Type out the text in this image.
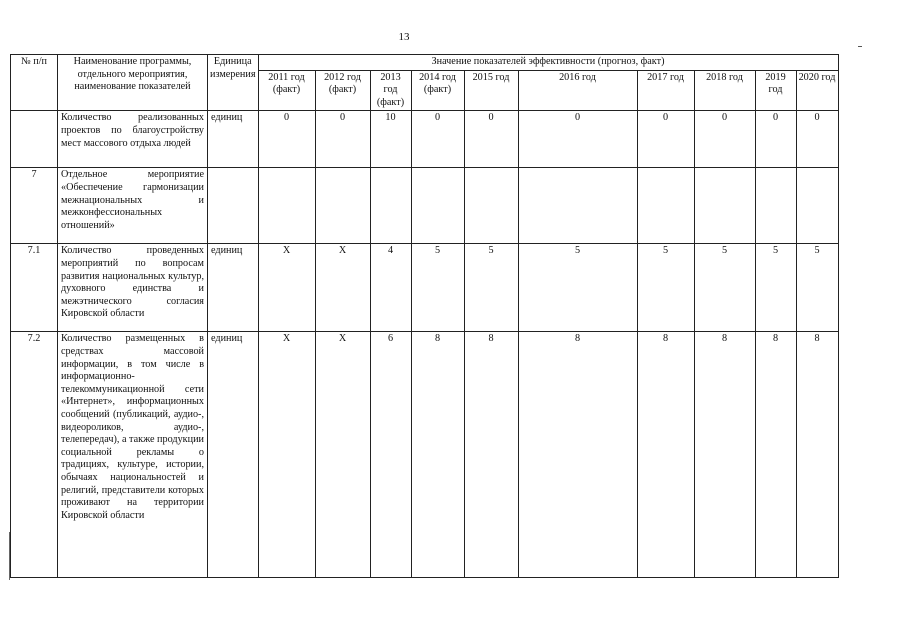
13
№ п/п	Наименование программы, отдельного мероприятия, наименование показателей	Единица измерения	Значение показателей эффективности (прогноз, факт)									
			2011 год (факт)	2012 год (факт)	2013 год (факт)	2014 год (факт)	2015 год	2016 год	2017 год	2018 год	2019 год	2020 год
	Количество реализованных проектов по благоустройству мест массового отдыха людей	единиц	0	0	10	0	0	0	0	0	0	0
7	Отдельное мероприятие «Обеспечение гармонизации межнациональных и межконфессиональных отношений»											
7.1	Количество проведенных мероприятий по вопросам развития национальных культур, духовного единства и межэтнического согласия Кировской области	единиц	X	X	4	5	5	5	5	5	5	5
7.2	Количество размещенных в средствах массовой информации, в том числе в информационно-телекоммуникационной сети «Интернет», информационных сообщений (публикаций, аудио-, видеороликов, аудио-, телепередач), а также продукции социальной рекламы о традициях, культуре, истории, обычаях национальностей и религий, представители которых проживают на территории Кировской области	единиц	X	X	6	8	8	8	8	8	8	8
